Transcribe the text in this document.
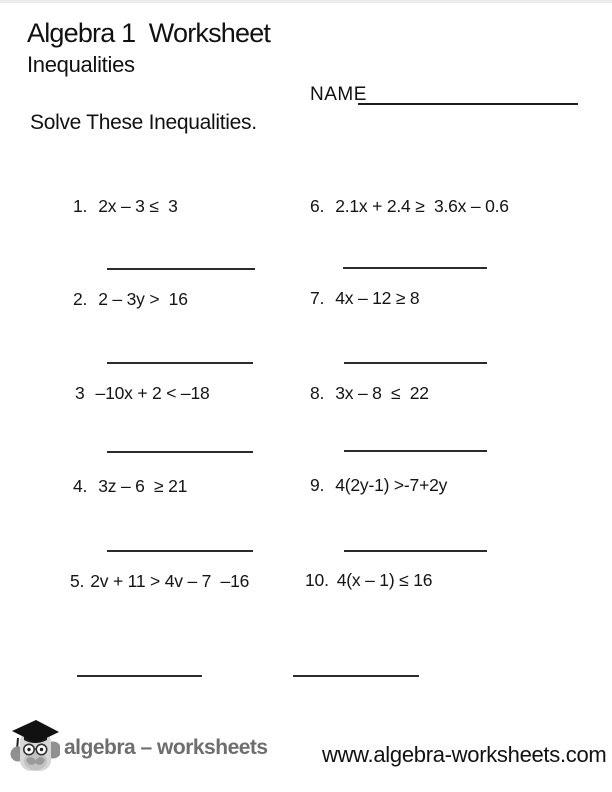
Algebra 1  Worksheet
Inequalities
NAME
Solve These Inequalities.
1. 2x – 3 ≤  3
2. 2 – 3y >  16
3 –10x + 2 < –18
4. 3z – 6  ≥ 21
5. 2v + 11 > 4v – 7  –16
6. 2.1x + 2.4 ≥  3.6x – 0.6
7. 4x – 12 ≥ 8
8. 3x – 8  ≤  22
9. 4(2y-1) >-7+2y
10. 4(x – 1) ≤ 16
algebra – worksheets www.algebra-worksheets.com
